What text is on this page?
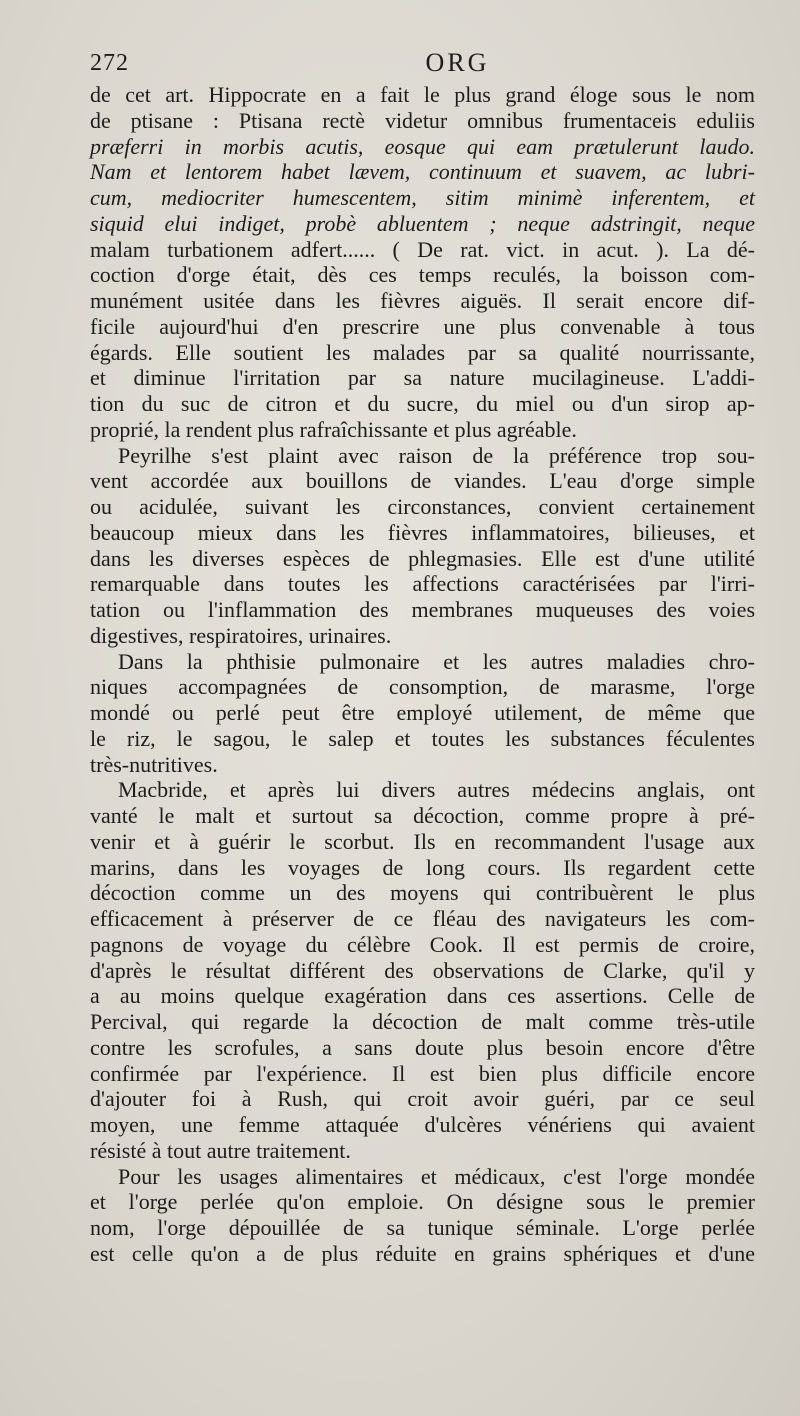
272	ORG
de cet art. Hippocrate en a fait le plus grand éloge sous le nom
de ptisane : Ptisana rectè videtur omnibus frumentaceis eduliis
præferri in morbis acutis, eosque qui eam prætulerunt laudo.
Nam et lentorem habet lævem, continuum et suavem, ac lubri-
cum, mediocriter humescentem, sitim minimè inferentem, et
siquid elui indiget, probè abluentem ; neque adstringit, neque
malam turbationem adfert...... ( De rat. vict. in acut. ). La dé-
coction d'orge était, dès ces temps reculés, la boisson com-
munément usitée dans les fièvres aiguës. Il serait encore dif-
ficile aujourd'hui d'en prescrire une plus convenable à tous
égards. Elle soutient les malades par sa qualité nourrissante,
et diminue l'irritation par sa nature mucilagineuse. L'addi-
tion du suc de citron et du sucre, du miel ou d'un sirop ap-
proprié, la rendent plus rafraîchissante et plus agréable.
Peyrilhe s'est plaint avec raison de la préférence trop sou-
vent accordée aux bouillons de viandes. L'eau d'orge simple
ou acidulée, suivant les circonstances, convient certainement
beaucoup mieux dans les fièvres inflammatoires, bilieuses, et
dans les diverses espèces de phlegmasies. Elle est d'une utilité
remarquable dans toutes les affections caractérisées par l'irri-
tation ou l'inflammation des membranes muqueuses des voies
digestives, respiratoires, urinaires.
Dans la phthisie pulmonaire et les autres maladies chro-
niques accompagnées de consomption, de marasme, l'orge
mondé ou perlé peut être employé utilement, de même que
le riz, le sagou, le salep et toutes les substances féculentes
très-nutritives.
Macbride, et après lui divers autres médecins anglais, ont
vanté le malt et surtout sa décoction, comme propre à pré-
venir et à guérir le scorbut. Ils en recommandent l'usage aux
marins, dans les voyages de long cours. Ils regardent cette
décoction comme un des moyens qui contribuèrent le plus
efficacement à préserver de ce fléau des navigateurs les com-
pagnons de voyage du célèbre Cook. Il est permis de croire,
d'après le résultat différent des observations de Clarke, qu'il y
a au moins quelque exagération dans ces assertions. Celle de
Percival, qui regarde la décoction de malt comme très-utile
contre les scrofules, a sans doute plus besoin encore d'être
confirmée par l'expérience. Il est bien plus difficile encore
d'ajouter foi à Rush, qui croit avoir guéri, par ce seul
moyen, une femme attaquée d'ulcères vénériens qui avaient
résisté à tout autre traitement.
Pour les usages alimentaires et médicaux, c'est l'orge mondée
et l'orge perlée qu'on emploie. On désigne sous le premier
nom, l'orge dépouillée de sa tunique séminale. L'orge perlée
est celle qu'on a de plus réduite en grains sphériques et d'une
